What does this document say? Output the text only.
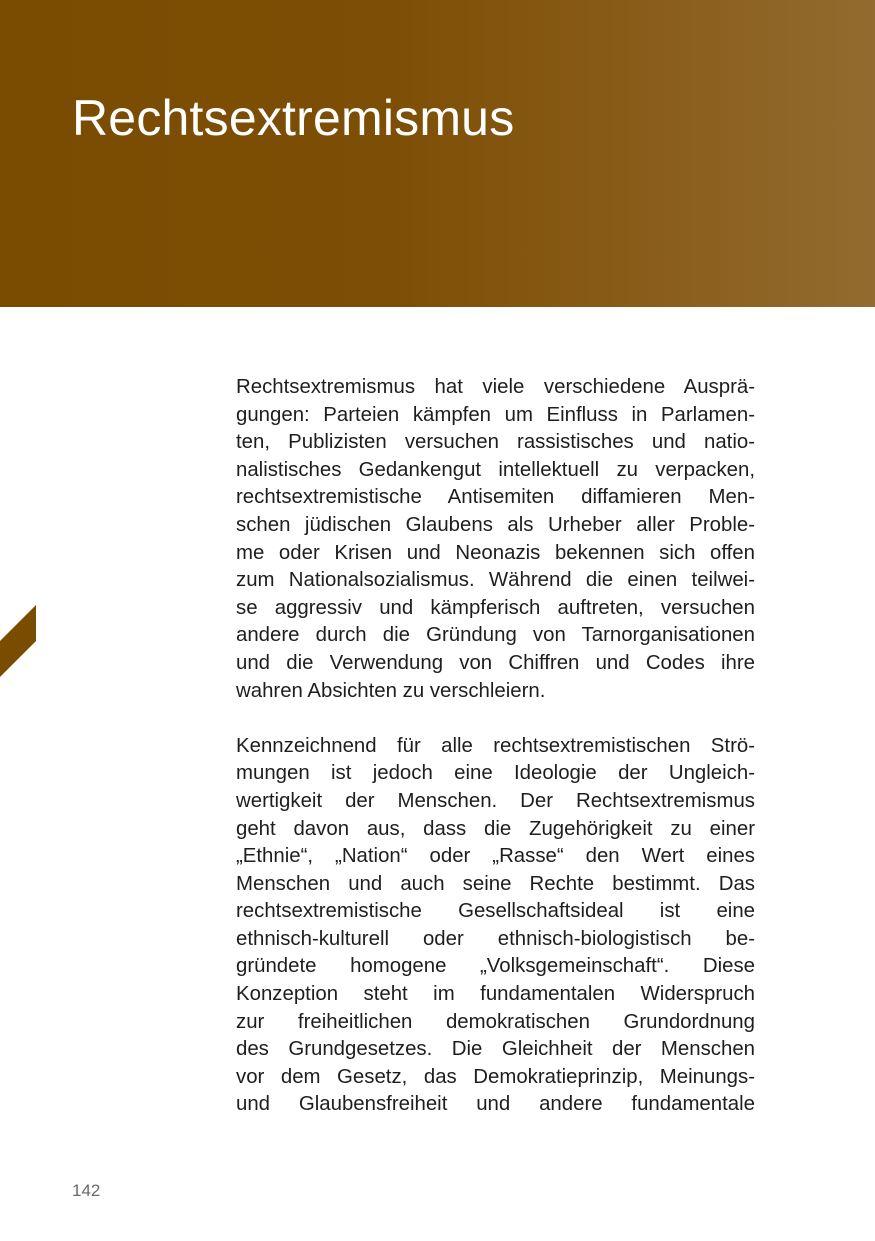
Rechtsextremismus

Rechtsextremismus hat viele verschiedene Ausprä-
gungen: Parteien kämpfen um Einfluss in Parlamen-
ten, Publizisten versuchen rassistisches und natio-
nalistisches Gedankengut intellektuell zu verpacken,
rechtsextremistische Antisemiten diffamieren Men-
schen jüdischen Glaubens als Urheber aller Proble-
me oder Krisen und Neonazis bekennen sich offen
zum Nationalsozialismus. Während die einen teilwei-
se aggressiv und kämpferisch auftreten, versuchen
andere durch die Gründung von Tarnorganisationen
und die Verwendung von Chiffren und Codes ihre
wahren Absichten zu verschleiern.

Kennzeichnend für alle rechtsextremistischen Strö-
mungen ist jedoch eine Ideologie der Ungleich-
wertigkeit der Menschen. Der Rechtsextremismus
geht davon aus, dass die Zugehörigkeit zu einer
„Ethnie“, „Nation“ oder „Rasse“ den Wert eines
Menschen und auch seine Rechte bestimmt. Das
rechtsextremistische Gesellschaftsideal ist eine
ethnisch-kulturell oder ethnisch-biologistisch be-
gründete homogene „Volksgemeinschaft“. Diese
Konzeption steht im fundamentalen Widerspruch
zur freiheitlichen demokratischen Grundordnung
des Grundgesetzes. Die Gleichheit der Menschen
vor dem Gesetz, das Demokratieprinzip, Meinungs-
und Glaubensfreiheit und andere fundamentale

142
